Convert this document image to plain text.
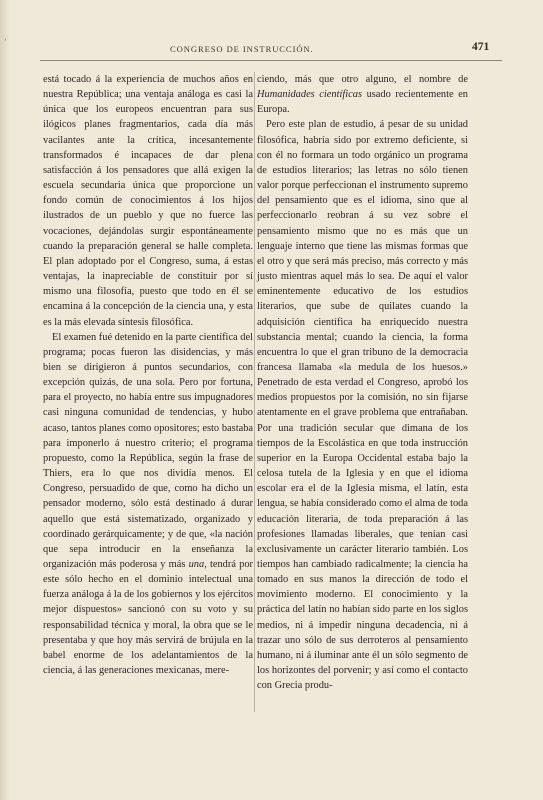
ʼ
CONGRESO DE INSTRUCCIÓN.	471

está tocado á la experiencia de muchos años en nuestra República; una ventaja análoga es casi la única que los europeos encuentran para sus ilógicos planes fragmentarios, cada día más vacilantes ante la crítica, incesantemente transformados é incapaces de dar plena satisfacción á los pensadores que allá exigen la escuela secundaria única que proporcione un fondo común de conocimientos á los hijos ilustrados de un pueblo y que no fuerce las vocaciones, dejándolas surgir espontáneamente cuando la preparación general se halle completa. El plan adoptado por el Congreso, suma, á estas ventajas, la inapreciable de constituir por sí mismo una filosofía, puesto que todo en él se encamina á la concepción de la ciencia una, y esta es la más elevada síntesis filosófica.

El examen fué detenido en la parte científica del programa; pocas fueron las disidencias, y más bien se dirigieron á puntos secundarios, con excepción quizás, de una sola. Pero por fortuna, para el proyecto, no había entre sus impugnadores casi ninguna comunidad de tendencias, y hubo acaso, tantos planes como opositores; esto bastaba para imponerlo á nuestro criterio; el programa propuesto, como la República, según la frase de Thiers, era lo que nos dividía menos. El Congreso, persuadido de que, como ha dicho un pensador moderno, sólo está destinado á durar aquello que está sistematizado, organizado y coordinado gerárquicamente; y de que, «la nación que sepa introducir en la enseñanza la organización más poderosa y más una, tendrá por este sólo hecho en el dominio intelectual una fuerza análoga á la de los gobiernos y los ejércitos mejor dispuestos» sancionó con su voto y su responsabilidad técnica y moral, la obra que se le presentaba y que hoy más servirá de brújula en la babel enorme de los adelantamientos de la ciencia, á las generaciones mexicanas, mere-

ciendo, más que otro alguno, el nombre de Humanidades científicas usado recientemente en Europa.

Pero este plan de estudio, á pesar de su unidad filosófica, habría sido por extremo deficiente, si con él no formara un todo orgánico un programa de estudios literarios; las letras no sólo tienen valor porque perfeccionan el instrumento supremo del pensamiento que es el idioma, sino que al perfeccionarlo reobran á su vez sobre el pensamiento mismo que no es más que un lenguaje interno que tiene las mismas formas que el otro y que será más preciso, más correcto y más justo mientras aquel más lo sea. De aquí el valor eminentemente educativo de los estudios literarios, que sube de quilates cuando la adquisición científica ha enriquecido nuestra substancia mental; cuando la ciencia, la forma encuentra lo que el gran tribuno de la democracia francesa llamaba «la medula de los huesos.» Penetrado de esta verdad el Congreso, aprobó los medios propuestos por la comisión, no sin fijarse atentamente en el grave problema que entrañaban. Por una tradición secular que dimana de los tiempos de la Escolástica en que toda instrucción superior en la Europa Occidental estaba bajo la celosa tutela de la Iglesia y en que el idioma escolar era el de la Iglesia misma, el latín, esta lengua, se había considerado como el alma de toda educación literaria, de toda preparación á las profesiones llamadas liberales, que tenían casi exclusivamente un carácter literario también. Los tiempos han cambiado radicalmente; la ciencia ha tomado en sus manos la dirección de todo el movimiento moderno. El conocimiento y la práctica del latín no habían sido parte en los siglos medios, ni á impedir ninguna decadencia, ni á trazar uno sólo de sus derroteros al pensamiento humano, ni á iluminar ante él un sólo segmento de los horizontes del porvenir; y así como el contacto con Grecia produ-
